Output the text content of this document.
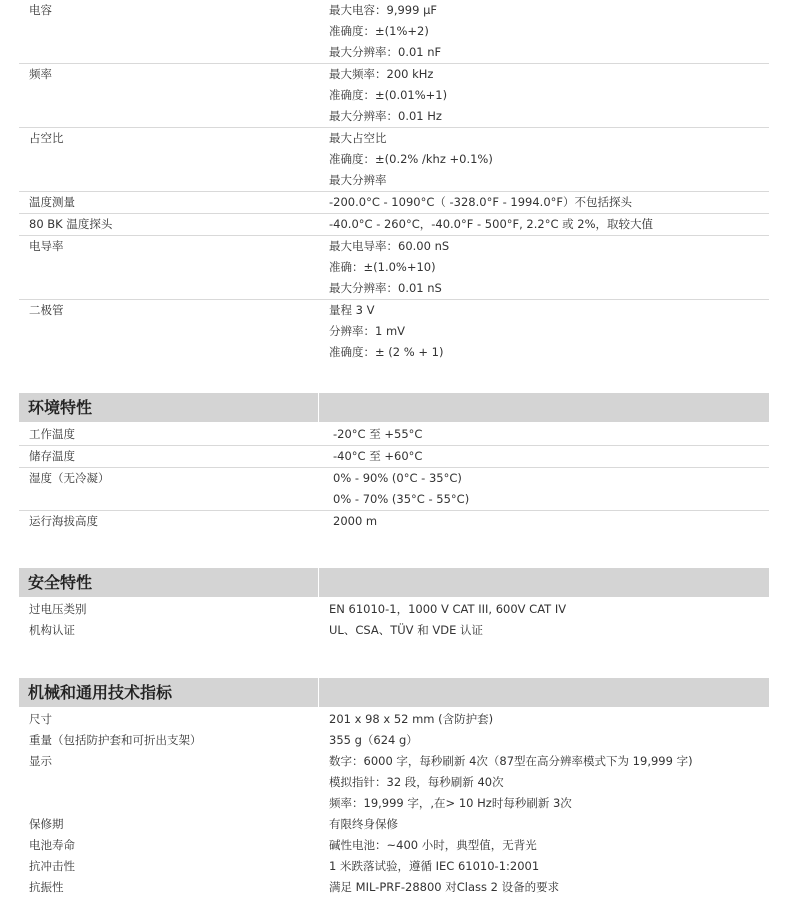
电容	最大电容：9,999 µF
准确度：±(1%+2)
最大分辨率：0.01 nF
频率	最大频率：200 kHz
准确度：±(0.01%+1)
最大分辨率：0.01 Hz
占空比	最大占空比
准确度：±(0.2% /khz +0.1%)
最大分辨率
温度测量	-200.0°C - 1090°C（ -328.0°F - 1994.0°F）不包括探头
80 BK 温度探头	-40.0°C - 260°C，-40.0°F - 500°F, 2.2°C 或 2%，取较大值
电导率	最大电导率：60.00 nS
准确：±(1.0%+10)
最大分辨率：0.01 nS
二极管	量程 3 V
分辨率：1 mV
准确度：± (2 % + 1)
环境特性
工作温度	-20°C 至 +55°C
储存温度	-40°C 至 +60°C
湿度（无冷凝）	0% - 90% (0°C - 35°C)
0% - 70% (35°C - 55°C)
运行海拔高度	2000 m
安全特性
过电压类别	EN 61010-1，1000 V CAT III, 600V CAT IV
机构认证	UL、CSA、TÜV 和 VDE 认证
机械和通用技术指标
尺寸	201 x 98 x 52 mm (含防护套)
重量（包括防护套和可折出支架）	355 g（624 g）
显示	数字：6000 字，每秒刷新 4次（87型在高分辨率模式下为 19,999 字)
模拟指针：32 段，每秒刷新 40次
频率：19,999 字，,在> 10 Hz时每秒刷新 3次
保修期	有限终身保修
电池寿命	碱性电池：~400 小时，典型值，无背光
抗冲击性	1 米跌落试验，遵循 IEC 61010-1:2001
抗振性	满足 MIL-PRF-28800 对Class 2 设备的要求
